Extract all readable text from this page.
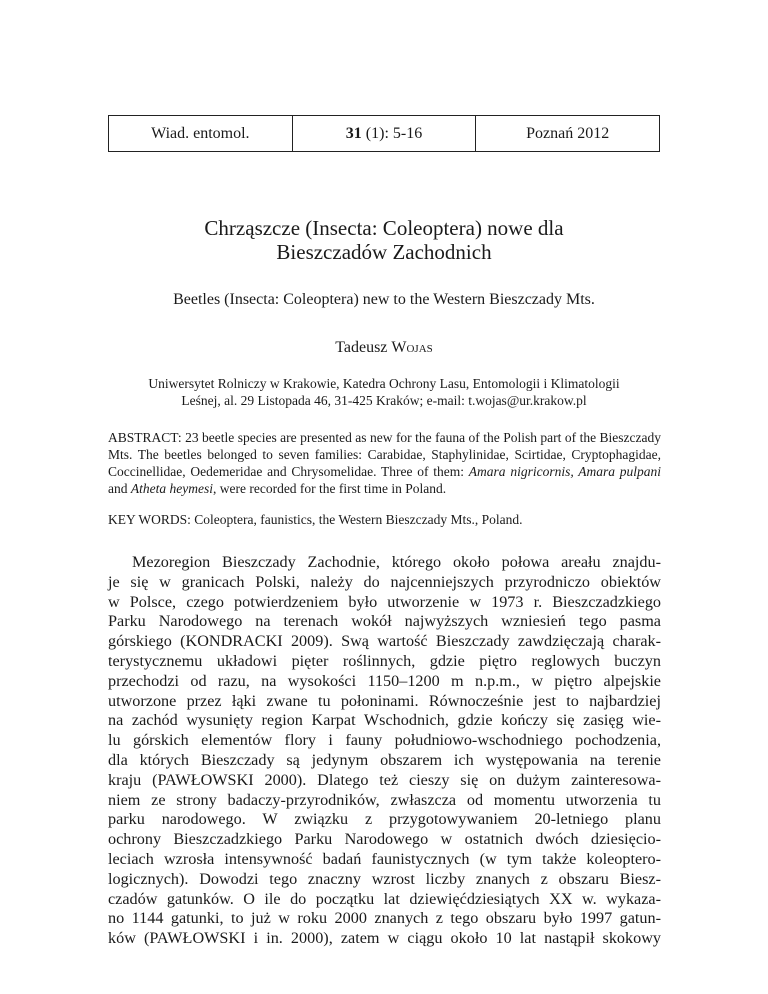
Wiad. entomol.	31 (1): 5-16	Poznań 2012
Chrząszcze (Insecta: Coleoptera) nowe dla
Bieszczadów Zachodnich
Beetles (Insecta: Coleoptera) new to the Western Bieszczady Mts.
Tadeusz Wojas
Uniwersytet Rolniczy w Krakowie, Katedra Ochrony Lasu, Entomologii i Klimatologii
Leśnej, al. 29 Listopada 46, 31-425 Kraków; e-mail: t.wojas@ur.krakow.pl
ABSTRACT: 23 beetle species are presented as new for the fauna of the Polish part of the Bieszczady Mts. The beetles belonged to seven families: Carabidae, Staphylinidae, Scirtidae, Cryptophagidae, Coccinellidae, Oedemeridae and Chrysomelidae. Three of them: Amara nigricornis, Amara pulpani and Atheta heymesi, were recorded for the first time in Poland.
KEY WORDS: Coleoptera, faunistics, the Western Bieszczady Mts., Poland.
Mezoregion Bieszczady Zachodnie, którego około połowa areału znajdu-
je się w granicach Polski, należy do najcenniejszych przyrodniczo obiektów
w Polsce, czego potwierdzeniem było utworzenie w 1973 r. Bieszczadzkiego
Parku Narodowego na terenach wokół najwyższych wzniesień tego pasma
górskiego (KONDRACKI 2009). Swą wartość Bieszczady zawdzięczają charak-
terystycznemu układowi pięter roślinnych, gdzie piętro reglowych buczyn
przechodzi od razu, na wysokości 1150–1200 m n.p.m., w piętro alpejskie
utworzone przez łąki zwane tu połoninami. Równocześnie jest to najbardziej
na zachód wysunięty region Karpat Wschodnich, gdzie kończy się zasięg wie-
lu górskich elementów flory i fauny południowo-wschodniego pochodzenia,
dla których Bieszczady są jedynym obszarem ich występowania na terenie
kraju (PAWŁOWSKI 2000). Dlatego też cieszy się on dużym zainteresowa-
niem ze strony badaczy-przyrodników, zwłaszcza od momentu utworzenia tu
parku narodowego. W związku z przygotowywaniem 20-letniego planu
ochrony Bieszczadzkiego Parku Narodowego w ostatnich dwóch dziesięcio-
leciach wzrosła intensywność badań faunistycznych (w tym także koleoptero-
logicznych). Dowodzi tego znaczny wzrost liczby znanych z obszaru Biesz-
czadów gatunków. O ile do początku lat dziewięćdziesiątych XX w. wykaza-
no 1144 gatunki, to już w roku 2000 znanych z tego obszaru było 1997 gatun-
ków (PAWŁOWSKI i in. 2000), zatem w ciągu około 10 lat nastąpił skokowy
